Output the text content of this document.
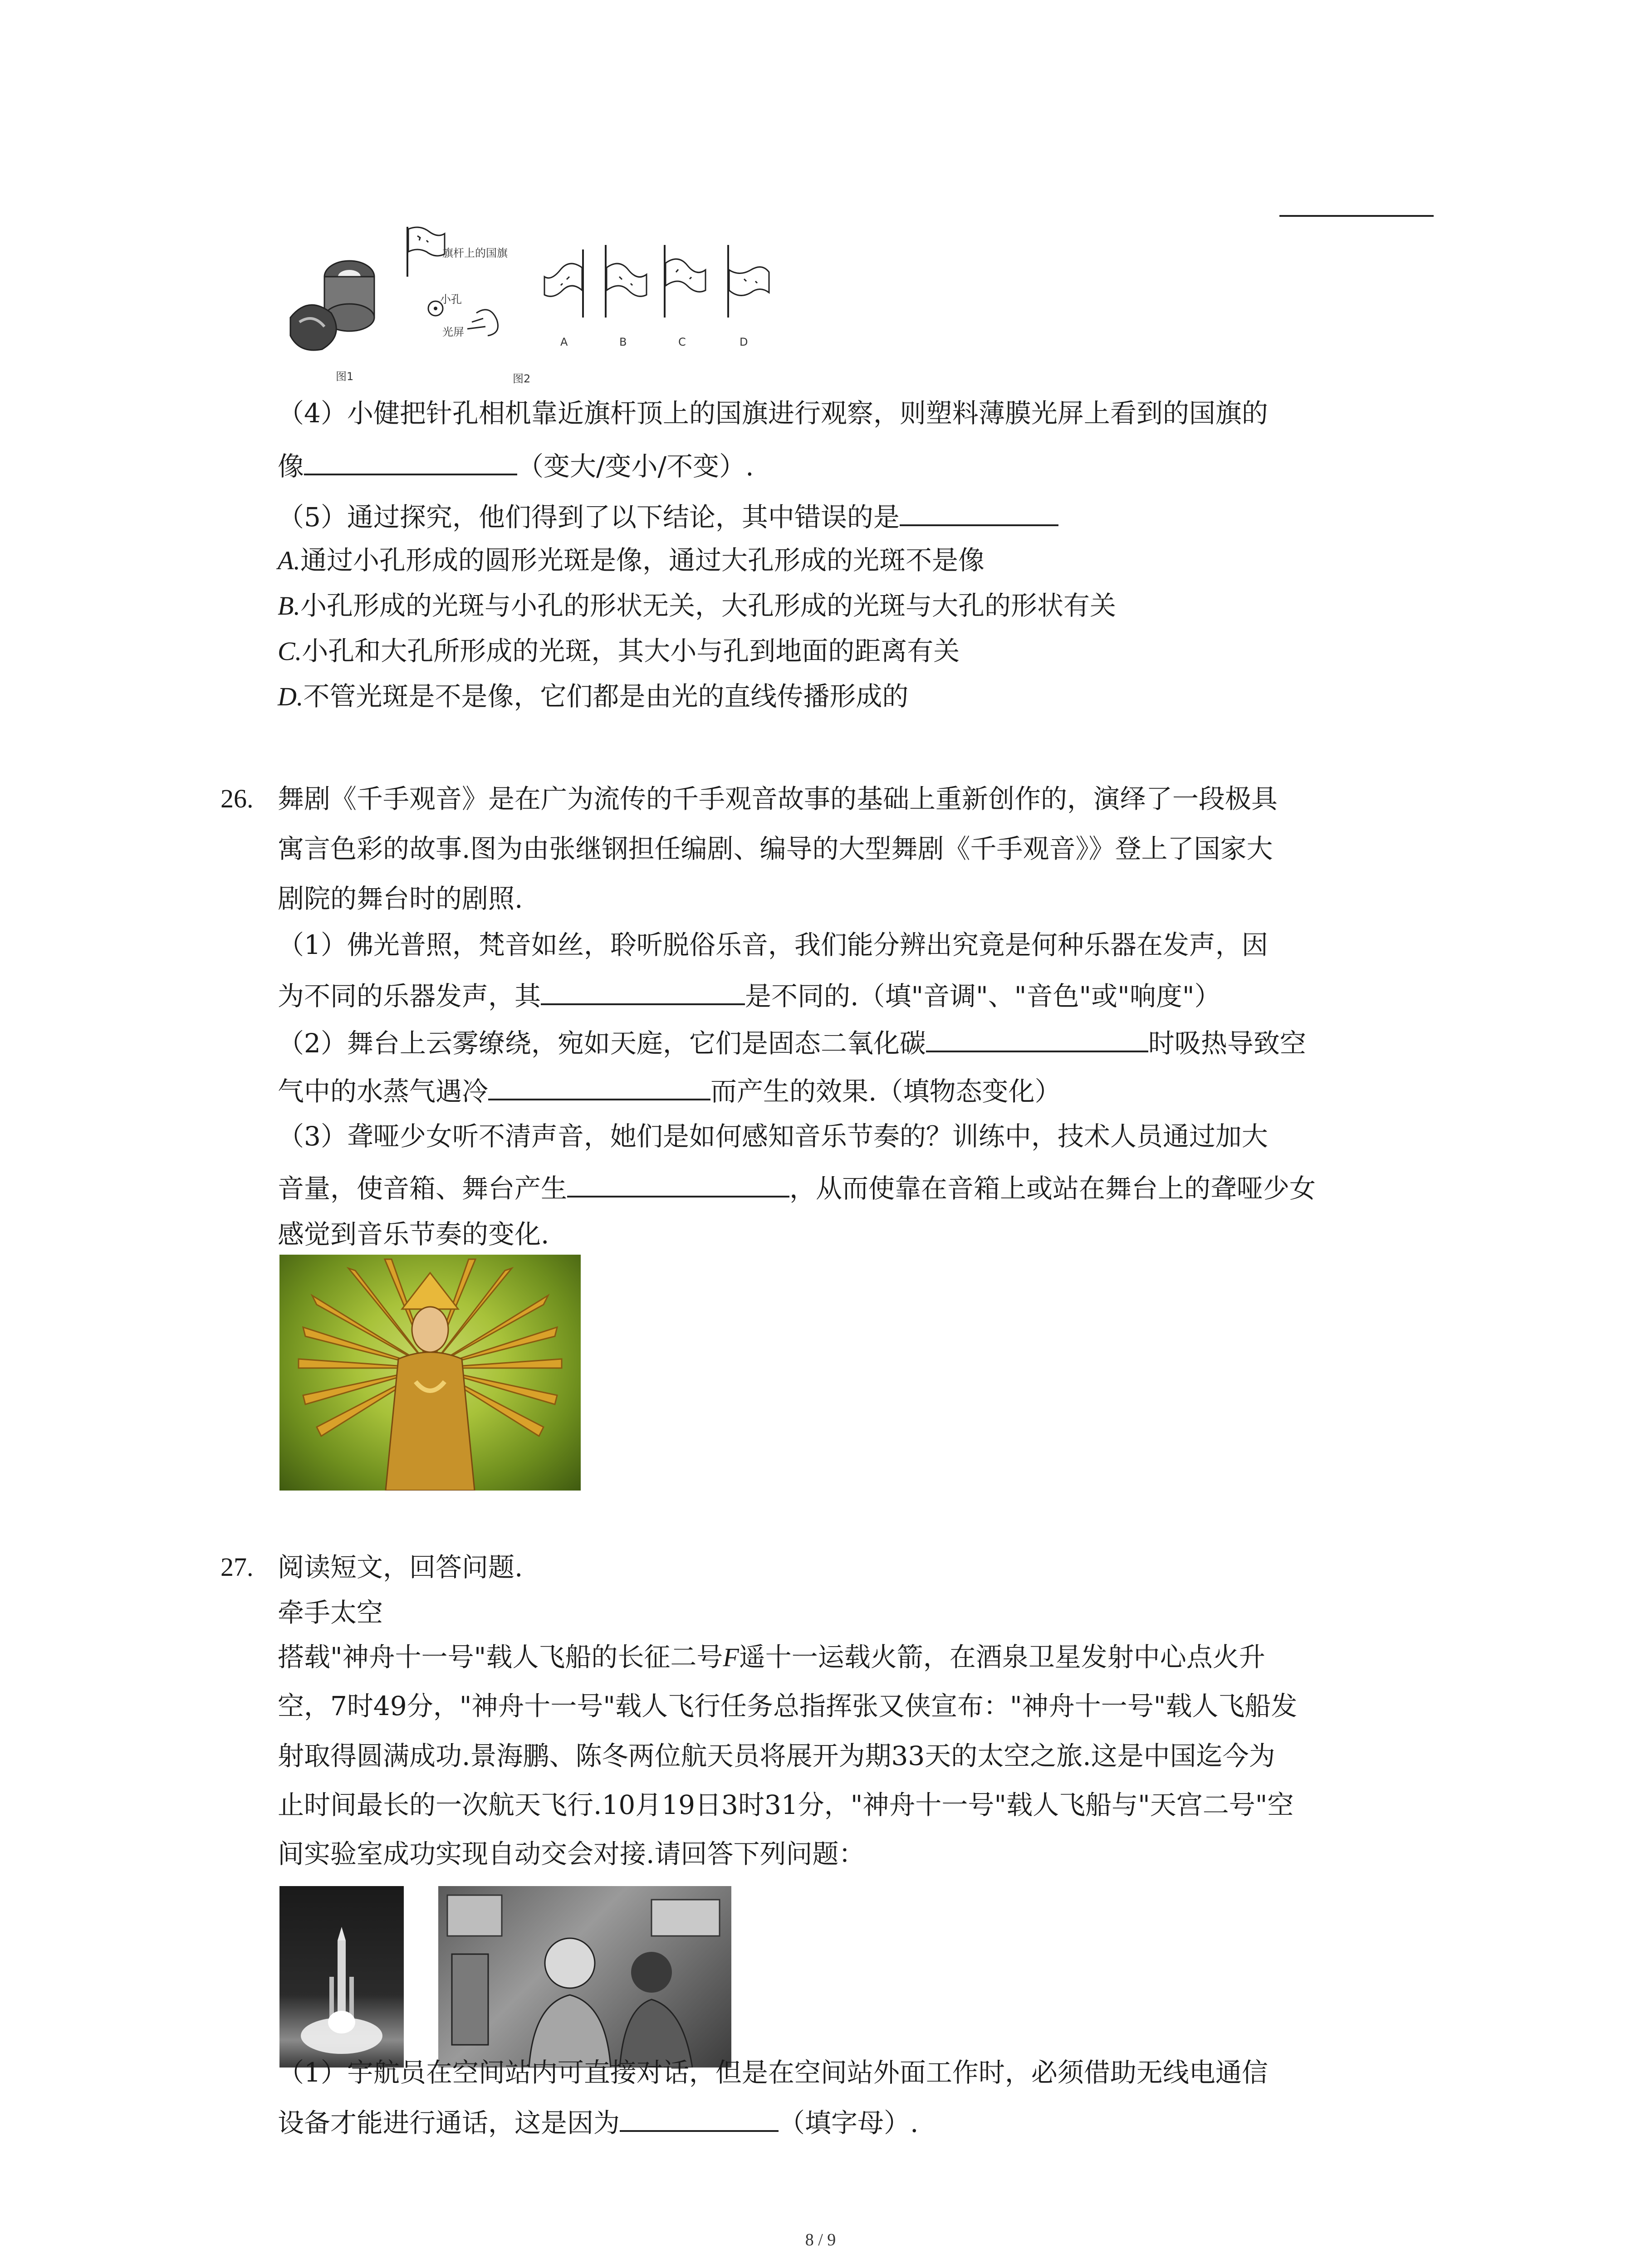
图1
旗杆上的国旗
小孔
光屏
A	B	C	D
图2
（4）小健把针孔相机靠近旗杆顶上的国旗进行观察，则塑料薄膜光屏上看到的国旗的
像	（变大/变小/不变）.
（5）通过探究，他们得到了以下结论，其中错误的是
A.通过小孔形成的圆形光斑是像，通过大孔形成的光斑不是像
B.小孔形成的光斑与小孔的形状无关，大孔形成的光斑与大孔的形状有关
C.小孔和大孔所形成的光斑，其大小与孔到地面的距离有关
D.不管光斑是不是像，它们都是由光的直线传播形成的
26. 舞剧《千手观音》是在广为流传的千手观音故事的基础上重新创作的，演绎了一段极具
寓言色彩的故事.图为由张继钢担任编剧、编导的大型舞剧《千手观音》》登上了国家大
剧院的舞台时的剧照.
（1）佛光普照，梵音如丝，聆听脱俗乐音，我们能分辨出究竟是何种乐器在发声，因
为不同的乐器发声，其	是不同的.（填"音调"、"音色"或"响度"）
（2）舞台上云雾缭绕，宛如天庭，它们是固态二氧化碳	时吸热导致空
气中的水蒸气遇冷	而产生的效果.（填物态变化）
（3）聋哑少女听不清声音，她们是如何感知音乐节奏的？训练中，技术人员通过加大
音量，使音箱、舞台产生	，从而使靠在音箱上或站在舞台上的聋哑少女
感觉到音乐节奏的变化.
27. 阅读短文，回答问题.
牵手太空
搭载"神舟十一号"载人飞船的长征二号F遥十一运载火箭，在酒泉卫星发射中心点火升
空，7时49分，"神舟十一号"载人飞行任务总指挥张又侠宣布："神舟十一号"载人飞船发
射取得圆满成功.景海鹏、陈冬两位航天员将展开为期33天的太空之旅.这是中国迄今为
止时间最长的一次航天飞行.10月19日3时31分，"神舟十一号"载人飞船与"天宫二号"空
间实验室成功实现自动交会对接.请回答下列问题：
（1）宇航员在空间站内可直接对话，但是在空间站外面工作时，必须借助无线电通信
设备才能进行通话，这是因为	（填字母）.
8 / 9
